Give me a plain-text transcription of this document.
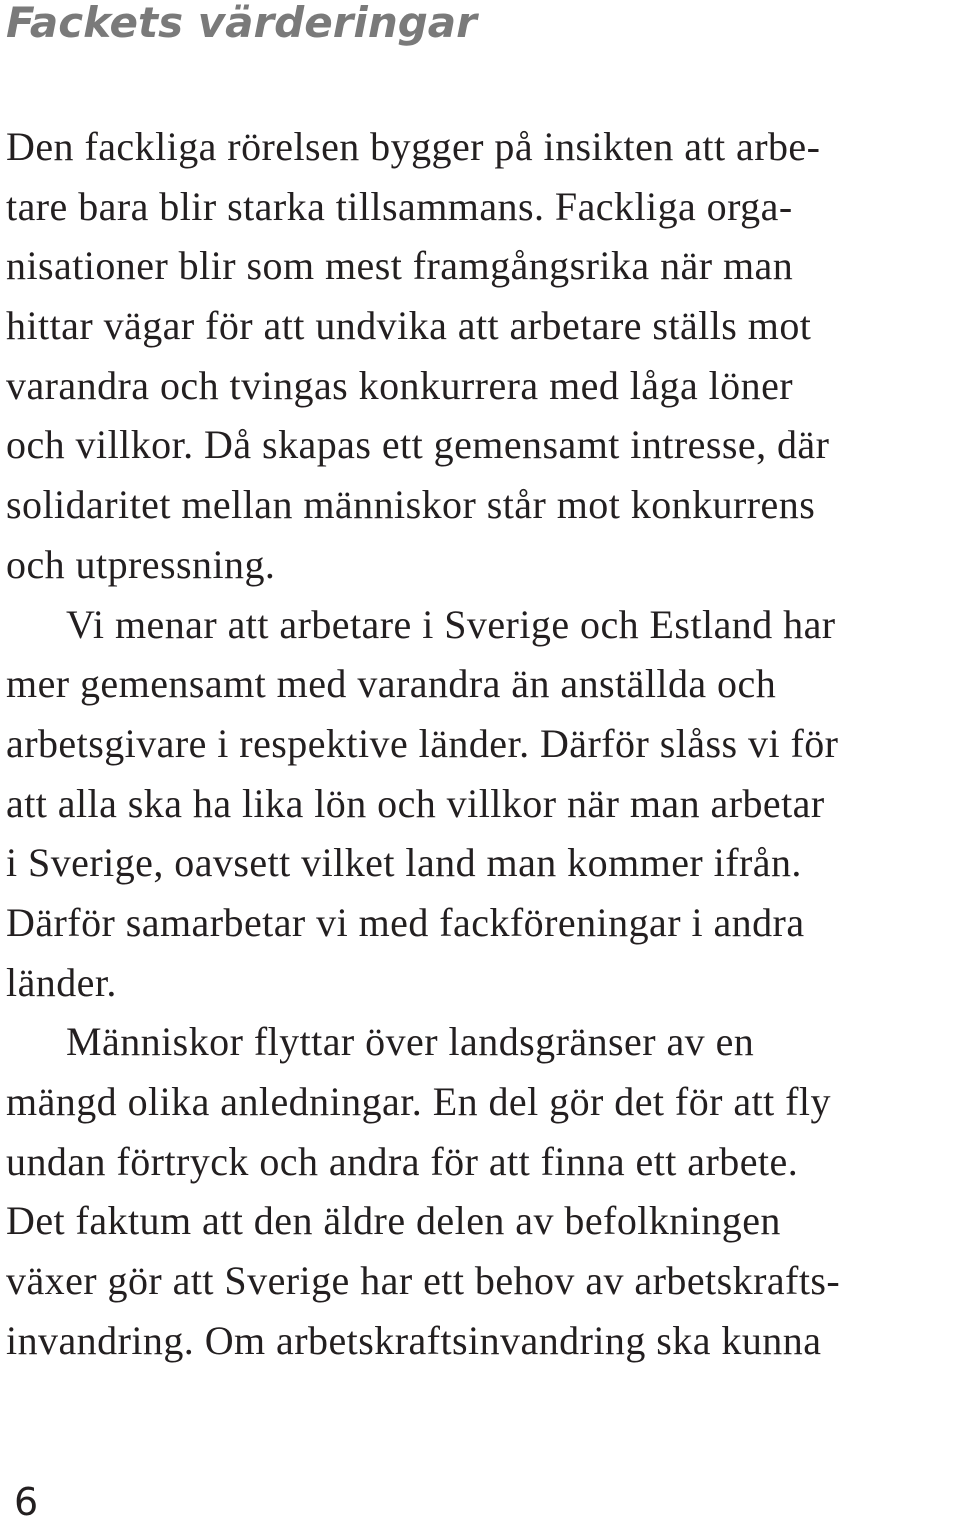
Fackets värderingar
Den fackliga rörelsen bygger på insikten att arbe-
tare bara blir starka tillsammans. Fackliga orga-
nisationer blir som mest framgångsrika när man
hittar vägar för att undvika att arbetare ställs mot
varandra och tvingas konkurrera med låga löner
och villkor. Då skapas ett gemensamt intresse, där
solidaritet mellan människor står mot konkurrens
och utpressning.
Vi menar att arbetare i Sverige och Estland har
mer gemensamt med varandra än anställda och
arbetsgivare i respektive länder. Därför slåss vi för
att alla ska ha lika lön och villkor när man arbetar
i Sverige, oavsett vilket land man kommer ifrån.
Därför samarbetar vi med fackföreningar i andra
länder.
Människor flyttar över landsgränser av en
mängd olika anledningar. En del gör det för att fly
undan förtryck och andra för att finna ett arbete.
Det faktum att den äldre delen av befolkningen
växer gör att Sverige har ett behov av arbetskrafts-
invandring. Om arbetskraftsinvandring ska kunna
6
